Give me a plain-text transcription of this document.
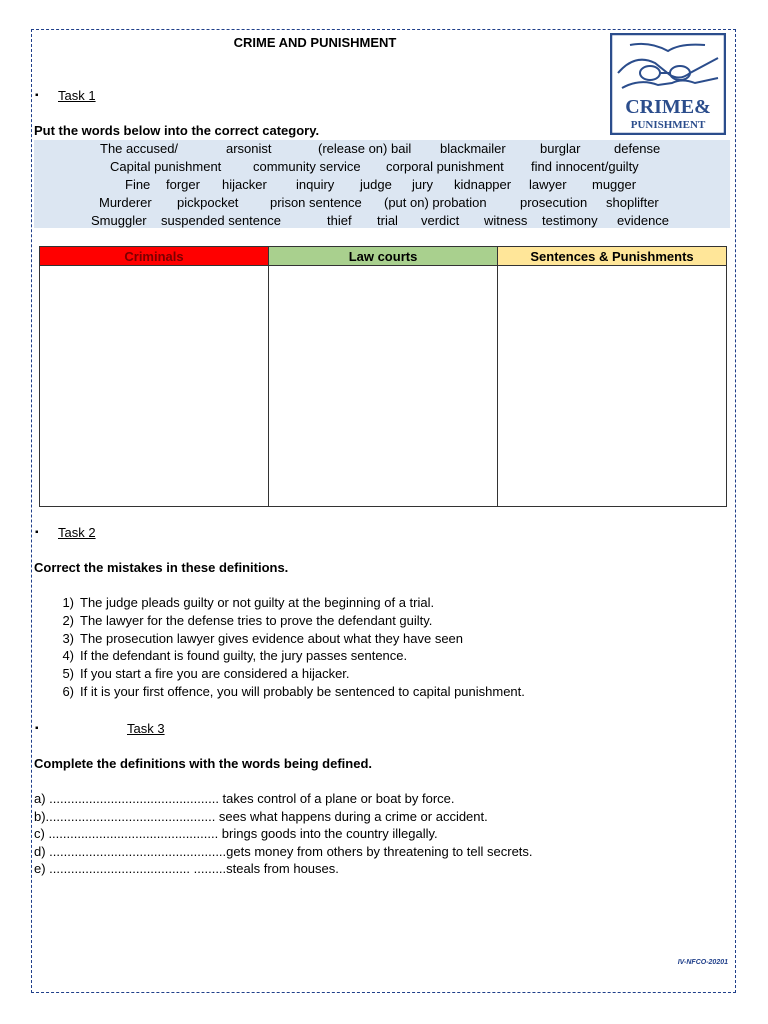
CRIME AND PUNISHMENT
CRIME&
PUNISHMENT
▪ Task 1
Put the words below into the correct category.
The accused/	arsonist	(release on) bail blackmailer	burglar	defense
Capital punishment community service corporal punishment find innocent/guilty
Fine forger hijacker inquiry judge jury kidnapper lawyer mugger
Murderer pickpocket prison sentence (put on) probation	prosecution shoplifter
Smuggler suspended sentence	thief trial verdict witness testimony evidence
Criminals	Law courts	Sentences & Punishments

▪ Task 2
Correct the mistakes in these definitions.
1) The judge pleads guilty or not guilty at the beginning of a trial.
2) The lawyer for the defense tries to prove the defendant guilty.
3) The prosecution lawyer gives evidence about what they have seen
4) If the defendant is found guilty, the jury passes sentence.
5) If you start a fire you are considered a hijacker.
6) If it is your first offence, you will probably be sentenced to capital punishment.
▪	Task 3
Complete the definitions with the words being defined.
a) ............................................... takes control of a plane or boat by force.
b)............................................... sees what happens during a crime or accident.
c) ............................................... brings goods into the country illegally.
d) .................................................gets money from others by threatening to tell secrets.
e) ....................................... .........steals from houses.
IV-NFCO-20201
